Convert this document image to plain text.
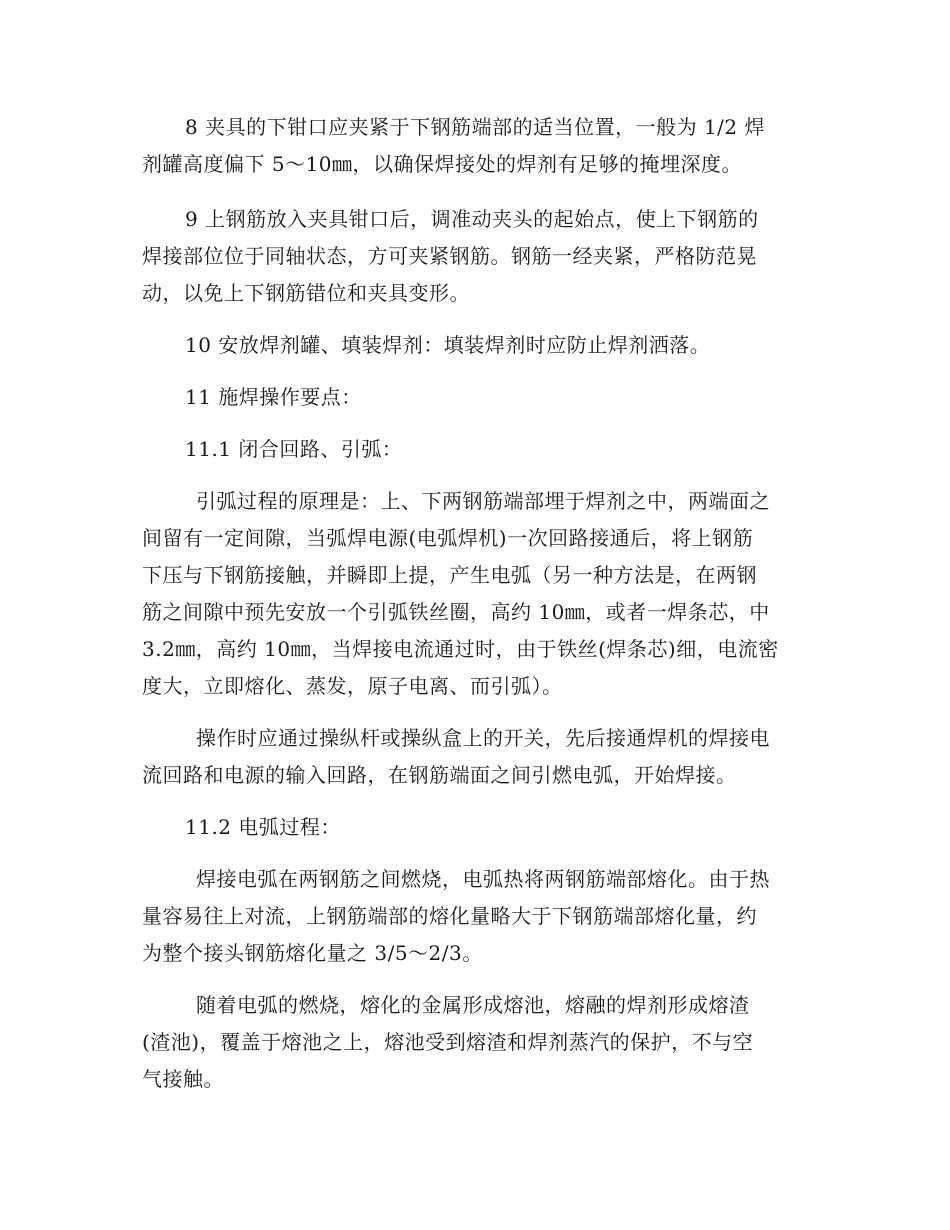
8 夹具的下钳口应夹紧于下钢筋端部的适当位置，一般为 1/2 焊
剂罐高度偏下 5～10㎜，以确保焊接处的焊剂有足够的掩埋深度。
9 上钢筋放入夹具钳口后，调准动夹头的起始点，使上下钢筋的
焊接部位位于同轴状态，方可夹紧钢筋。钢筋一经夹紧，严格防范晃
动，以免上下钢筋错位和夹具变形。
10 安放焊剂罐、填装焊剂：填装焊剂时应防止焊剂洒落。
11 施焊操作要点：
11.1 闭合回路、引弧：
引弧过程的原理是：上、下两钢筋端部埋于焊剂之中，两端面之
间留有一定间隙，当弧焊电源(电弧焊机)一次回路接通后，将上钢筋
下压与下钢筋接触，并瞬即上提，产生电弧（另一种方法是，在两钢
筋之间隙中预先安放一个引弧铁丝圈，高约 10㎜，或者一焊条芯，中
3.2㎜，高约 10㎜，当焊接电流通过时，由于铁丝(焊条芯)细，电流密
度大，立即熔化、蒸发，原子电离、而引弧）。
操作时应通过操纵杆或操纵盒上的开关，先后接通焊机的焊接电
流回路和电源的输入回路，在钢筋端面之间引燃电弧，开始焊接。
11.2 电弧过程：
焊接电弧在两钢筋之间燃烧，电弧热将两钢筋端部熔化。由于热
量容易往上对流，上钢筋端部的熔化量略大于下钢筋端部熔化量，约
为整个接头钢筋熔化量之 3/5～2/3。
随着电弧的燃烧，熔化的金属形成熔池，熔融的焊剂形成熔渣
(渣池)，覆盖于熔池之上，熔池受到熔渣和焊剂蒸汽的保护，不与空
气接触。
